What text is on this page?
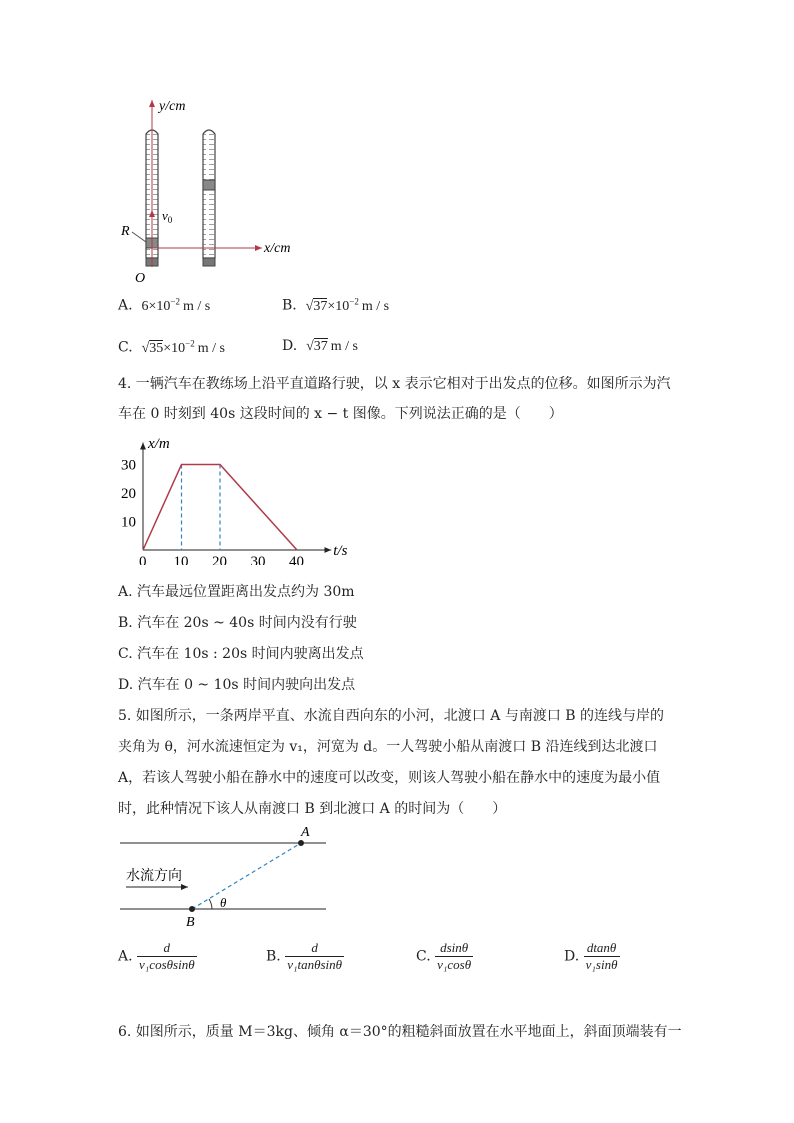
y/cm
x/cm
R
$v_0$
O
A. $6\times 10^{-2}$ m / s	B. $√37\times 10^{-2}$ m / s
C. $√35\times 10^{-2}$ m / s	D. √37 m / s
4. 一辆汽车在教练场上沿平直道路行驶，以 x 表示它相对于出发点的位移。如图所示为汽
车在 0 时刻到 40s 这段时间的 x − t 图像。下列说法正确的是（　　）
0 10 20 30 40
10
20
30
t/s
x/m
A. 汽车最远位置距离出发点约为 30m
B. 汽车在 20s ~ 40s 时间内没有行驶
C. 汽车在 10s : 20s 时间内驶离出发点
D. 汽车在 0 ~ 10s 时间内驶向出发点
5. 如图所示，一条两岸平直、水流自西向东的小河，北渡口 A 与南渡口 B 的连线与岸的
夹角为 θ，河水流速恒定为 v₁，河宽为 d。一人驾驶小船从南渡口 B 沿连线到达北渡口
A，若该人驾驶小船在静水中的速度可以改变，则该人驾驶小船在静水中的速度为最小值
时，此种情况下该人从南渡口 B 到北渡口 A 的时间为（　　）
A
B
水流方向
θ
A. $\frac{d}{\text{v₁cosθsinθ}}$	B. $\frac{d}{\text{v₁tanθsinθ}}$	C. $\frac{dsin\theta}{\text{v₁cosθ}}$	D. $\frac{dtan\theta}{\text{v₁sinθ}}$
6. 如图所示，质量 M＝3kg、倾角 α＝30°的粗糙斜面放置在水平地面上，斜面顶端装有一
